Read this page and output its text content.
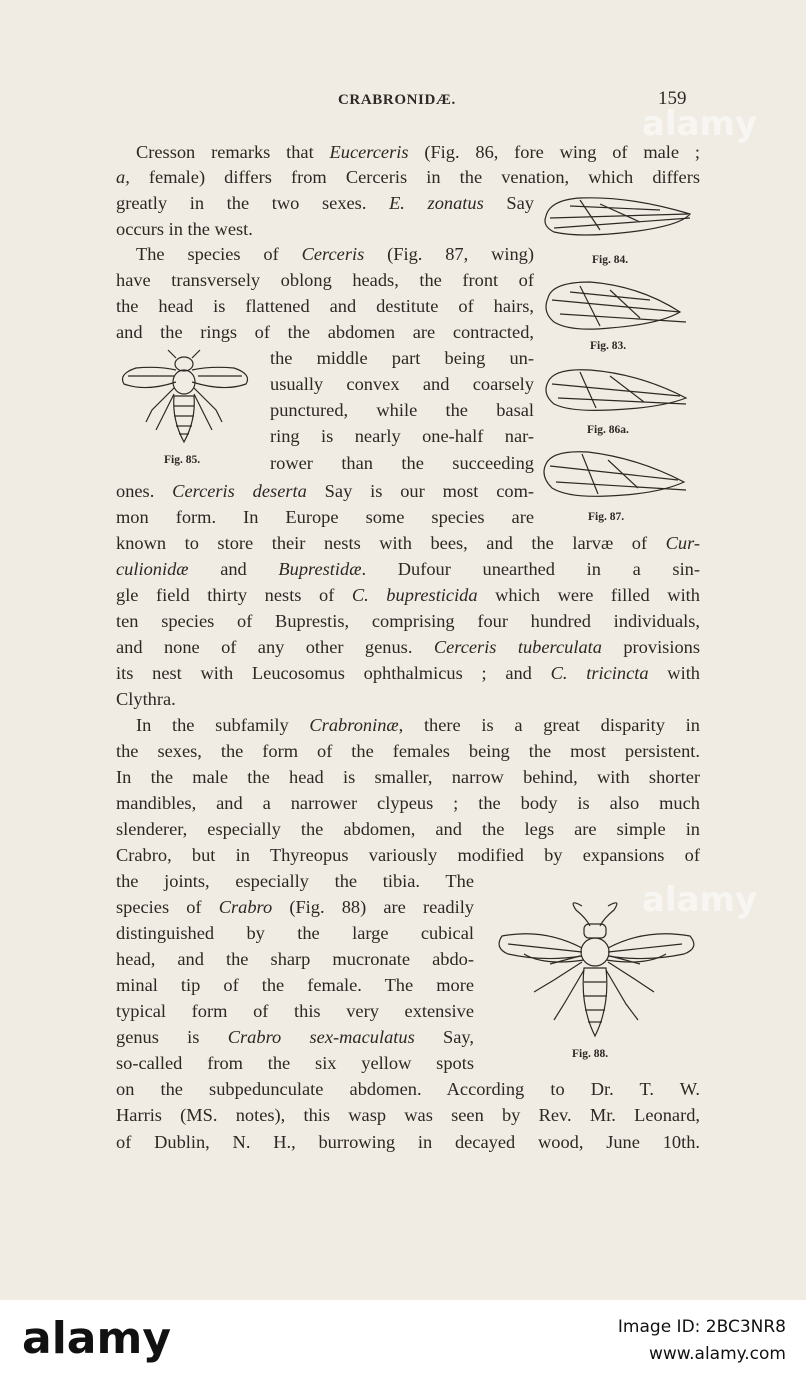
CRABRONIDÆ.	159
Cresson remarks that Eucerceris (Fig. 86, fore wing of male ;
a, female) differs from Cerceris in the venation, which differs
greatly in the two sexes. E. zonatus Say
occurs in the west.
The species of Cerceris (Fig. 87, wing)
have transversely oblong heads, the front of
the head is flattened and destitute of hairs,
and the rings of the abdomen are contracted,
the middle part being un-
usually convex and coarsely
punctured, while the basal
ring is nearly one-half nar-
rower than the succeeding
ones. Cerceris deserta Say is our most com-
mon form. In Europe some species are
known to store their nests with bees, and the larvæ of Cur-
culionidæ and Buprestidæ. Dufour unearthed in a sin-
gle field thirty nests of C. bupresticida which were filled with
ten species of Buprestis, comprising four hundred individuals,
and none of any other genus. Cerceris tuberculata provisions
its nest with Leucosomus ophthalmicus ; and C. tricincta with
Clythra.
In the subfamily Crabroninæ, there is a great disparity in
the sexes, the form of the females being the most persistent.
In the male the head is smaller, narrow behind, with shorter
mandibles, and a narrower clypeus ; the body is also much
slenderer, especially the abdomen, and the legs are simple in
Crabro, but in Thyreopus variously modified by expansions of
the joints, especially the tibia. The
species of Crabro (Fig. 88) are readily
distinguished by the large cubical
head, and the sharp mucronate abdo-
minal tip of the female. The more
typical form of this very extensive
genus is Crabro sex-maculatus Say,
so-called from the six yellow spots
on the subpedunculate abdomen. According to Dr. T. W.
Harris (MS. notes), this wasp was seen by Rev. Mr. Leonard,
of Dublin, N. H., burrowing in decayed wood, June 10th.
Fig. 84.
Fig. 83.
Fig. 86a.
Fig. 87.
Fig. 85.
Fig. 88.
alamy
alamy
alamy	Image ID: 2BC3NR8
www.alamy.com
